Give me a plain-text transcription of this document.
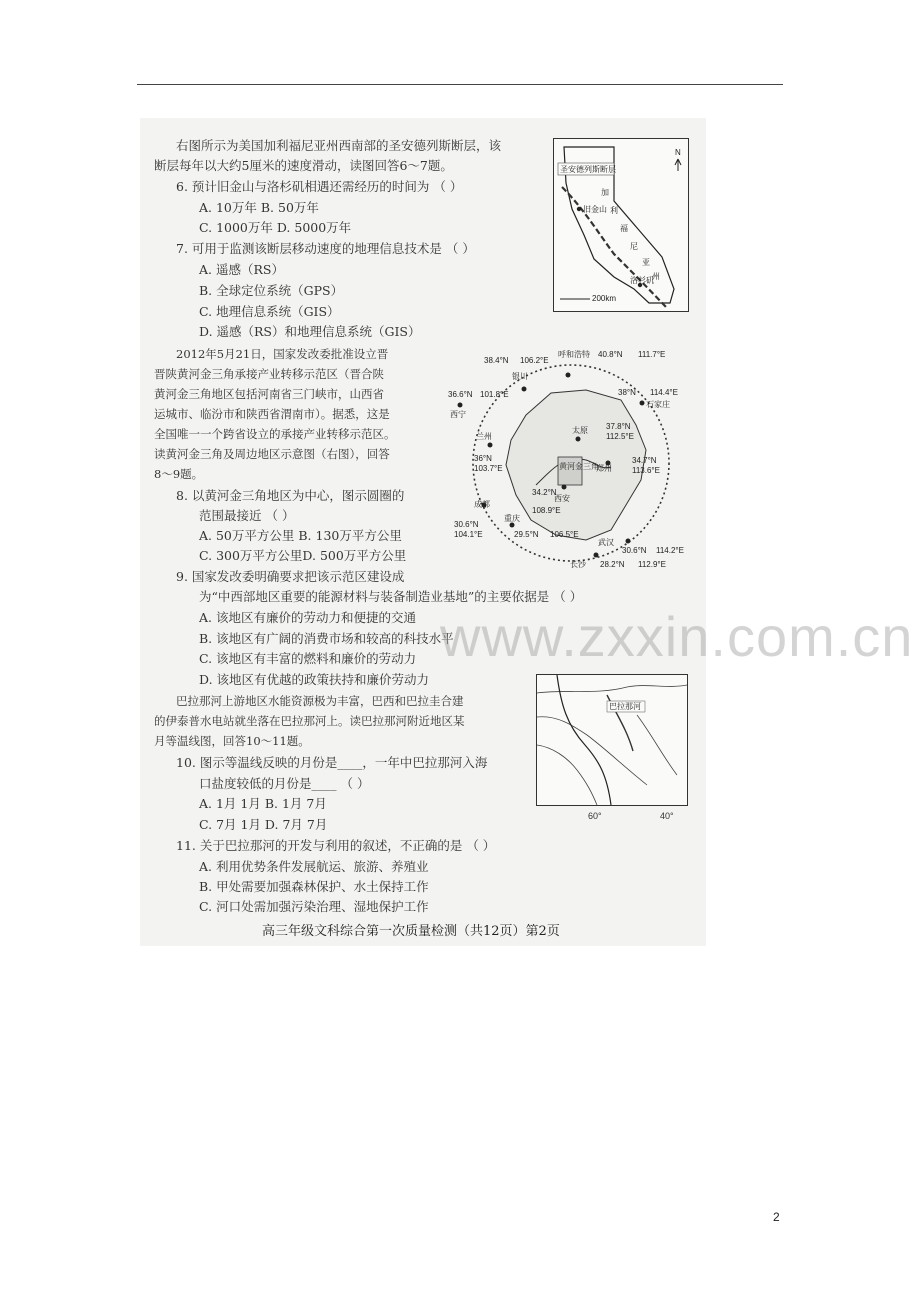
右图所示为美国加利福尼亚州西南部的圣安德列斯断层，该
断层每年以大约5厘米的速度滑动，读图回答6～7题。
6. 预计旧金山与洛杉矶相遇还需经历的时间为 （ ）
A. 10万年 B. 50万年
C. 1000万年 D. 5000万年
7. 可用于监测该断层移动速度的地理信息技术是 （ ）
A. 遥感（RS）
B. 全球定位系统（GPS）
C. 地理信息系统（GIS）
D. 遥感（RS）和地理信息系统（GIS）
2012年5月21日，国家发改委批准设立晋
晋陕黄河金三角承接产业转移示范区（晋合陕
黄河金三角地区包括河南省三门峡市，山西省
运城市、临汾市和陕西省渭南市）。据悉，这是
全国唯一一个跨省设立的承接产业转移示范区。
读黄河金三角及周边地区示意图（右图），回答
8～9题。
8. 以黄河金三角地区为中心，图示圆圈的
范围最接近 （ ）
A. 50万平方公里 B. 130万平方公里
C. 300万平方公里D. 500万平方公里
9. 国家发改委明确要求把该示范区建设成
为“中西部地区重要的能源材料与装备制造业基地”的主要依据是 （ ）
A. 该地区有廉价的劳动力和便捷的交通
B. 该地区有广阔的消费市场和较高的科技水平
C. 该地区有丰富的燃料和廉价的劳动力
D. 该地区有优越的政策扶持和廉价劳动力
巴拉那河上游地区水能资源极为丰富，巴西和巴拉圭合建
的伊泰普水电站就坐落在巴拉那河上。读巴拉那河附近地区某
月等温线图，回答10～11题。
10. 图示等温线反映的月份是____，一年中巴拉那河入海
口盐度较低的月份是____ （ ）
A. 1月 1月 B. 1月 7月
C. 7月 1月 D. 7月 7月
11. 关于巴拉那河的开发与利用的叙述，不正确的是 （ ）
A. 利用优势条件发展航运、旅游、养殖业
B. 甲处需要加强森林保护、水土保持工作
C. 河口处需加强污染治理、湿地保护工作
高三年级文科综合第一次质量检测（共12页）第2页
圣安德列斯断层
旧金山
洛杉矶
加
利
福
尼
亚
州
N
200km
黄河金三角
呼和浩特 40.8°N 111.7°E
38.4°N 106.2°E
银川
36.6°N 101.8°E
西宁
38°N 114.4°E
石家庄
太原 37.8°N
112.5°E
兰州
36°N
103.7°E	郑州
34.7°N
113.6°E
西安
34.2°N
108.9°E
成都
30.6°N
104.1°E
重庆
29.5°N 106.5°E
武汉
30.6°N 114.2°E
长沙 28.2°N 112.9°E
巴拉那河
60°	40°
www.zxxin.com.cn
2
